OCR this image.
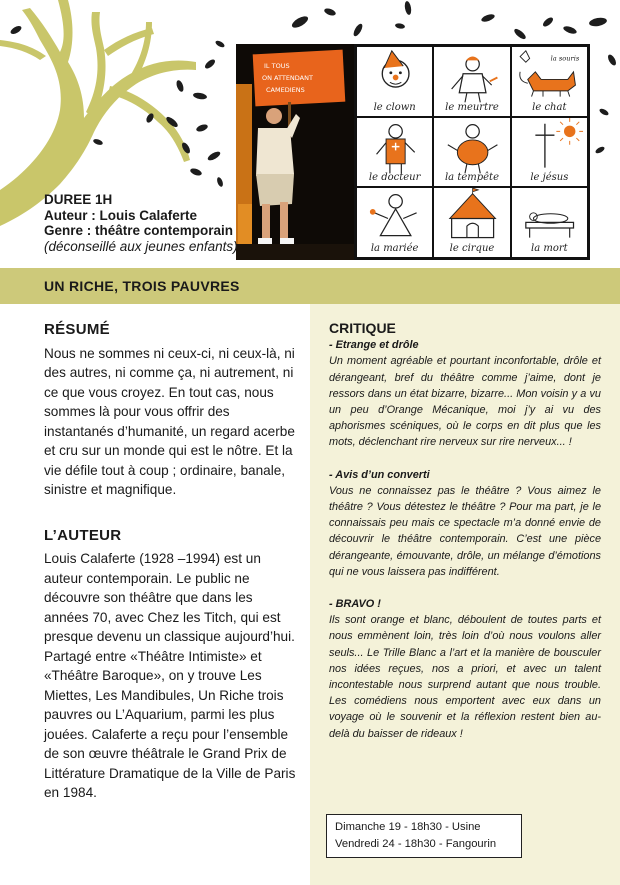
DUREE 1H
Auteur : Louis Calaferte
Genre : théâtre contemporain
(déconseillé aux jeunes enfants)
IL TOUS
ON ATTENDANT
CAMEDIENS
le clown	le meurtre
la souris
le chat
le docteur	la tempête	le jésus
la mariée	le cirque	la mort
UN RICHE, TROIS PAUVRES
RÉSUMÉ

Nous ne sommes ni ceux-ci, ni ceux-là, ni des autres, ni comme ça, ni autrement, ni ce que vous croyez. En tout cas, nous sommes là pour vous offrir des instantanés d’humanité, un regard acerbe et cru sur un monde qui est le nôtre. Et la vie défile tout à coup ; ordinaire, banale, sinistre et magnifique.

L’AUTEUR

Louis Calaferte (1928 –1994) est un auteur contemporain. Le public ne découvre son théâtre que dans les années 70, avec Chez les Titch, qui est presque devenu un classique aujourd’hui. Partagé entre «Théâtre Intimiste» et «Théâtre Baroque», on y trouve Les Miettes, Les Mandibules, Un Riche trois pauvres ou L’Aquarium, parmi les plus jouées. Calaferte a reçu pour l’ensemble de son œuvre théâtrale le Grand Prix de Littérature Dramatique de la Ville de Paris en 1984.

CRITIQUE
- Etrange et drôle
Un moment agréable et pourtant inconfortable, drôle et dérangeant, bref du théâtre comme j’aime, dont je ressors dans un état bizarre, bizarre... Mon voisin y a vu un peu d’Orange Mécanique, moi j’y ai vu des aphorismes scéniques, où le corps en dit plus que les mots, déclenchant rire nerveux sur rire nerveux... !
- Avis d’un converti
Vous ne connaissez pas le théâtre ? Vous aimez le théâtre ? Vous détestez le théâtre ? Pour ma part, je le connaissais peu mais ce spectacle m’a donné envie de découvrir le théâtre contemporain. C’est une pièce dérangeante, émouvante, drôle, un mélange d’émotions qui ne vous laissera pas indifférent.
- BRAVO !
Ils sont orange et blanc, déboulent de toutes parts et nous emmènent loin, très loin d’où nous voulons aller seuls... Le Trille Blanc a l’art et la manière de bousculer nos idées reçues, nos a priori, et avec un talent incontestable nous surprend autant que nous trouble. Les comédiens nous emportent avec eux dans un voyage où le souvenir et la réflexion restent bien au-delà du baisser de rideaux !
Dimanche 19 - 18h30 - Usine
Vendredi 24 - 18h30 - Fangourin
